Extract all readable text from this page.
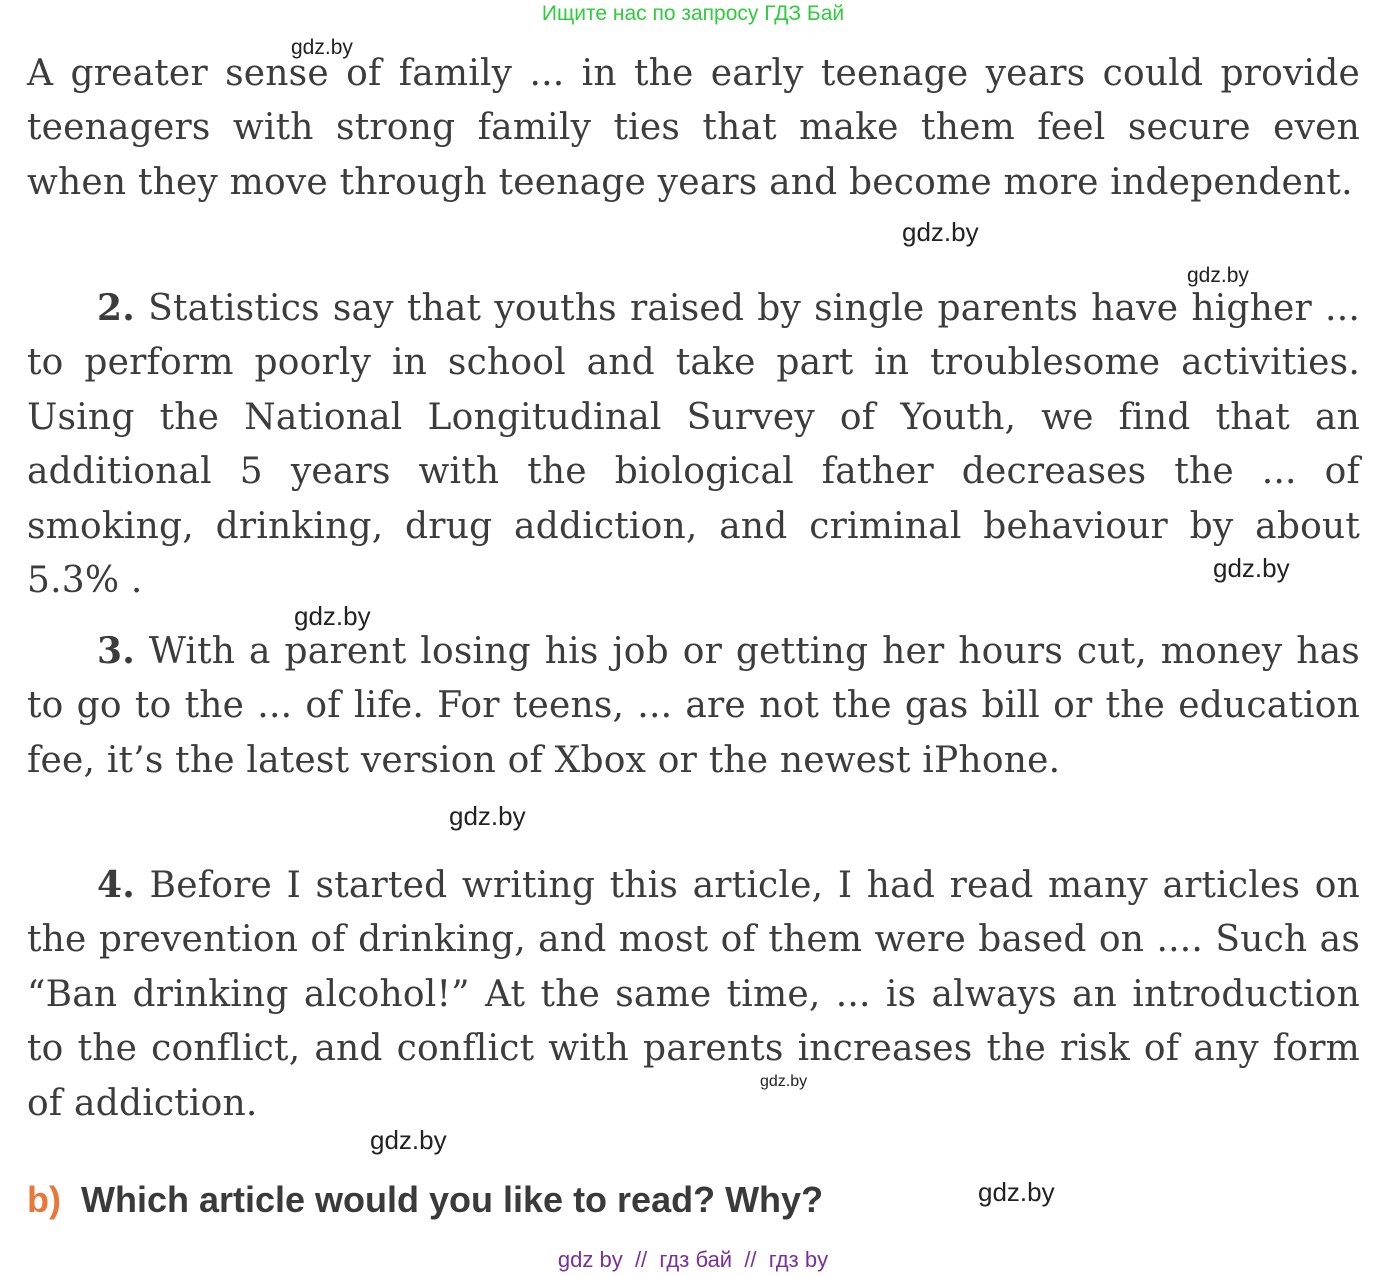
Ищите нас по запросу ГДЗ Бай
A greater sense of family ... in the early teenage years could provide teenagers with strong family ties that make them feel secure even when they move through teenage years and become more independent.
2. Statistics say that youths raised by single parents have higher ... to perform poorly in school and take part in troublesome activities. Using the National Longitudinal Survey of Youth, we find that an additional 5 years with the biological father decreases the ... of smoking, drinking, drug addiction, and criminal behaviour by about 5.3% .
3. With a parent losing his job or getting her hours cut, money has to go to the ... of life. For teens, ... are not the gas bill or the education fee, it’s the latest version of Xbox or the newest iPhone.
4. Before I started writing this article, I had read many articles on the prevention of drinking, and most of them were based on .... Such as “Ban drinking alcohol!” At the same time, ... is always an introduction to the conflict, and conflict with parents increases the risk of any form of addiction.
b) Which article would you like to read? Why?
gdz.by
gdz.by
gdz.by
gdz.by
gdz.by
gdz.by
gdz.by
gdz.by
gdz.by
gdz by  //  гдз бай  //  гдз by
